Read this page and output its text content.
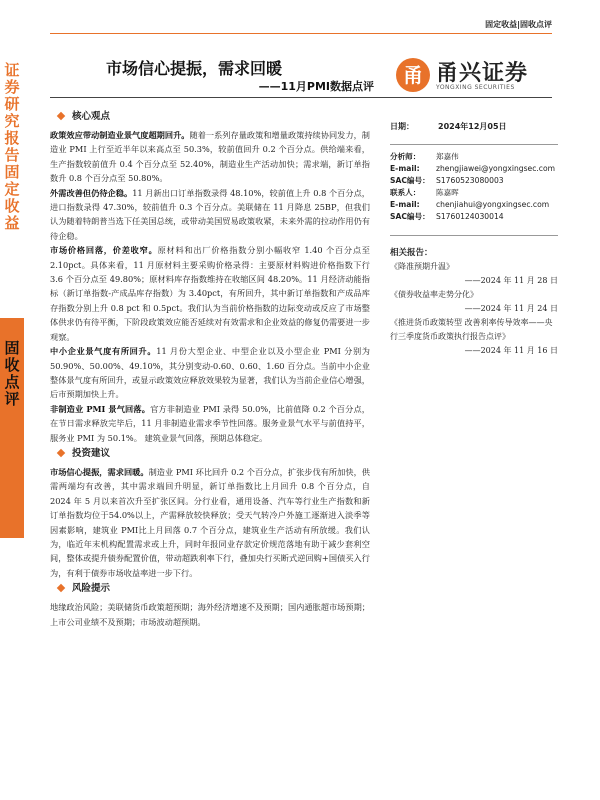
证券研究报告
固定收益
固
收
点
评
固定收益|固收点评
市场信心提振，需求回暖
——11月PMI数据点评	甬 甬兴证券
YONGXING SECURITIES
核心观点
政策效应带动制造业景气度超期回升。随着一系列存量政策和增量政策持续协同发力，制造业 PMI 上行至近半年以来高点至 50.3%，较前值回升 0.2 个百分点。供给端来看，生产指数较前值升 0.4 个百分点至 52.40%，制造业生产活动加快；需求端，新订单指数升 0.8 个百分点至 50.80%。
外需改善但仍待企稳。11 月新出口订单指数录得 48.10%，较前值上升 0.8 个百分点，进口指数录得 47.30%，较前值升 0.3 个百分点。美联储在 11 月降息 25BP，但我们认为随着特朗普当选下任美国总统，或带动美国贸易政策收紧，未来外需的拉动作用仍有待企稳。
市场价格回落，价差收窄。原材料和出厂价格指数分别小幅收窄 1.40 个百分点至 2.10pct。具体来看，11 月原材料主要采购价格录得：主要原材料购进价格指数下行 3.6 个百分点至 49.80%；原材料库存指数维持在收缩区间 48.20%。11 月经济动能指标（新订单指数-产成品库存指数）为 3.40pct，有所回升，其中新订单指数和产成品库存指数分别上升 0.8 pct 和 0.5pct。我们认为当前价格指数的边际变动或反应了市场整体供求仍有待平衡，下阶段政策效应能否延续对有效需求和企业效益的修复仍需要进一步观察。
中小企业景气度有所回升。11 月份大型企业、中型企业以及小型企业 PMI 分别为 50.90%、50.00%、49.10%，其分别变动-0.60、0.60、1.60 百分点。当前中小企业整体景气度有所回升，或显示政策效应释放效果较为显著，我们认为当前企业信心增强，后市预期加快上升。
非制造业 PMI 景气回落。官方非制造业 PMI 录得 50.0%，比前值降 0.2 个百分点，在节日需求释放完毕后，11 月非制造业需求季节性回落。服务业景气水平与前值持平，服务业 PMI 为 50.1%。 建筑业景气回落，预期总体稳定。
投资建议
市场信心提振，需求回暖。制造业 PMI 环比回升 0.2 个百分点，扩张步伐有所加快，供需两端均有改善，其中需求端回升明显，新订单指数比上月回升 0.8 个百分点，自 2024 年 5 月以来首次升至扩张区间。分行业看，通用设备、汽车等行业生产指数和新订单指数均位于54.0%以上，产需释放较快释放；受天气转冷户外施工逐渐进入淡季等因素影响，建筑业 PMI比上月回落 0.7 个百分点，建筑业生产活动有所放缓。我们认为，临近年末机构配置需求或上升，同时年报同业存款定价规范落地有助于减少套利空间，整体或提升债券配置价值，带动超跌利率下行，叠加央行买断式逆回购+国债买入行为，有利于债券市场收益率进一步下行。
风险提示
地缘政治风险；美联储货币政策超预期；海外经济增速不及预期；国内通胀超市场预期；上市公司业绩不及预期；市场波动超预期。
日期：	2024年12月05日
分析师： 郑嘉伟
E-mail: zhengjiawei@yongxingsec.com
SAC编号： S1760523080003
联系人： 陈嘉晖
E-mail: chenjiahui@yongxingsec.com
SAC编号： S1760124030014
相关报告：
《降准预期升温》
——2024 年 11 月 28 日
《债券收益率走势分化》
——2024 年 11 月 24 日
《推进货币政策转型 改善利率传导效率——央行三季度货币政策执行报告点评》
——2024 年 11 月 16 日
